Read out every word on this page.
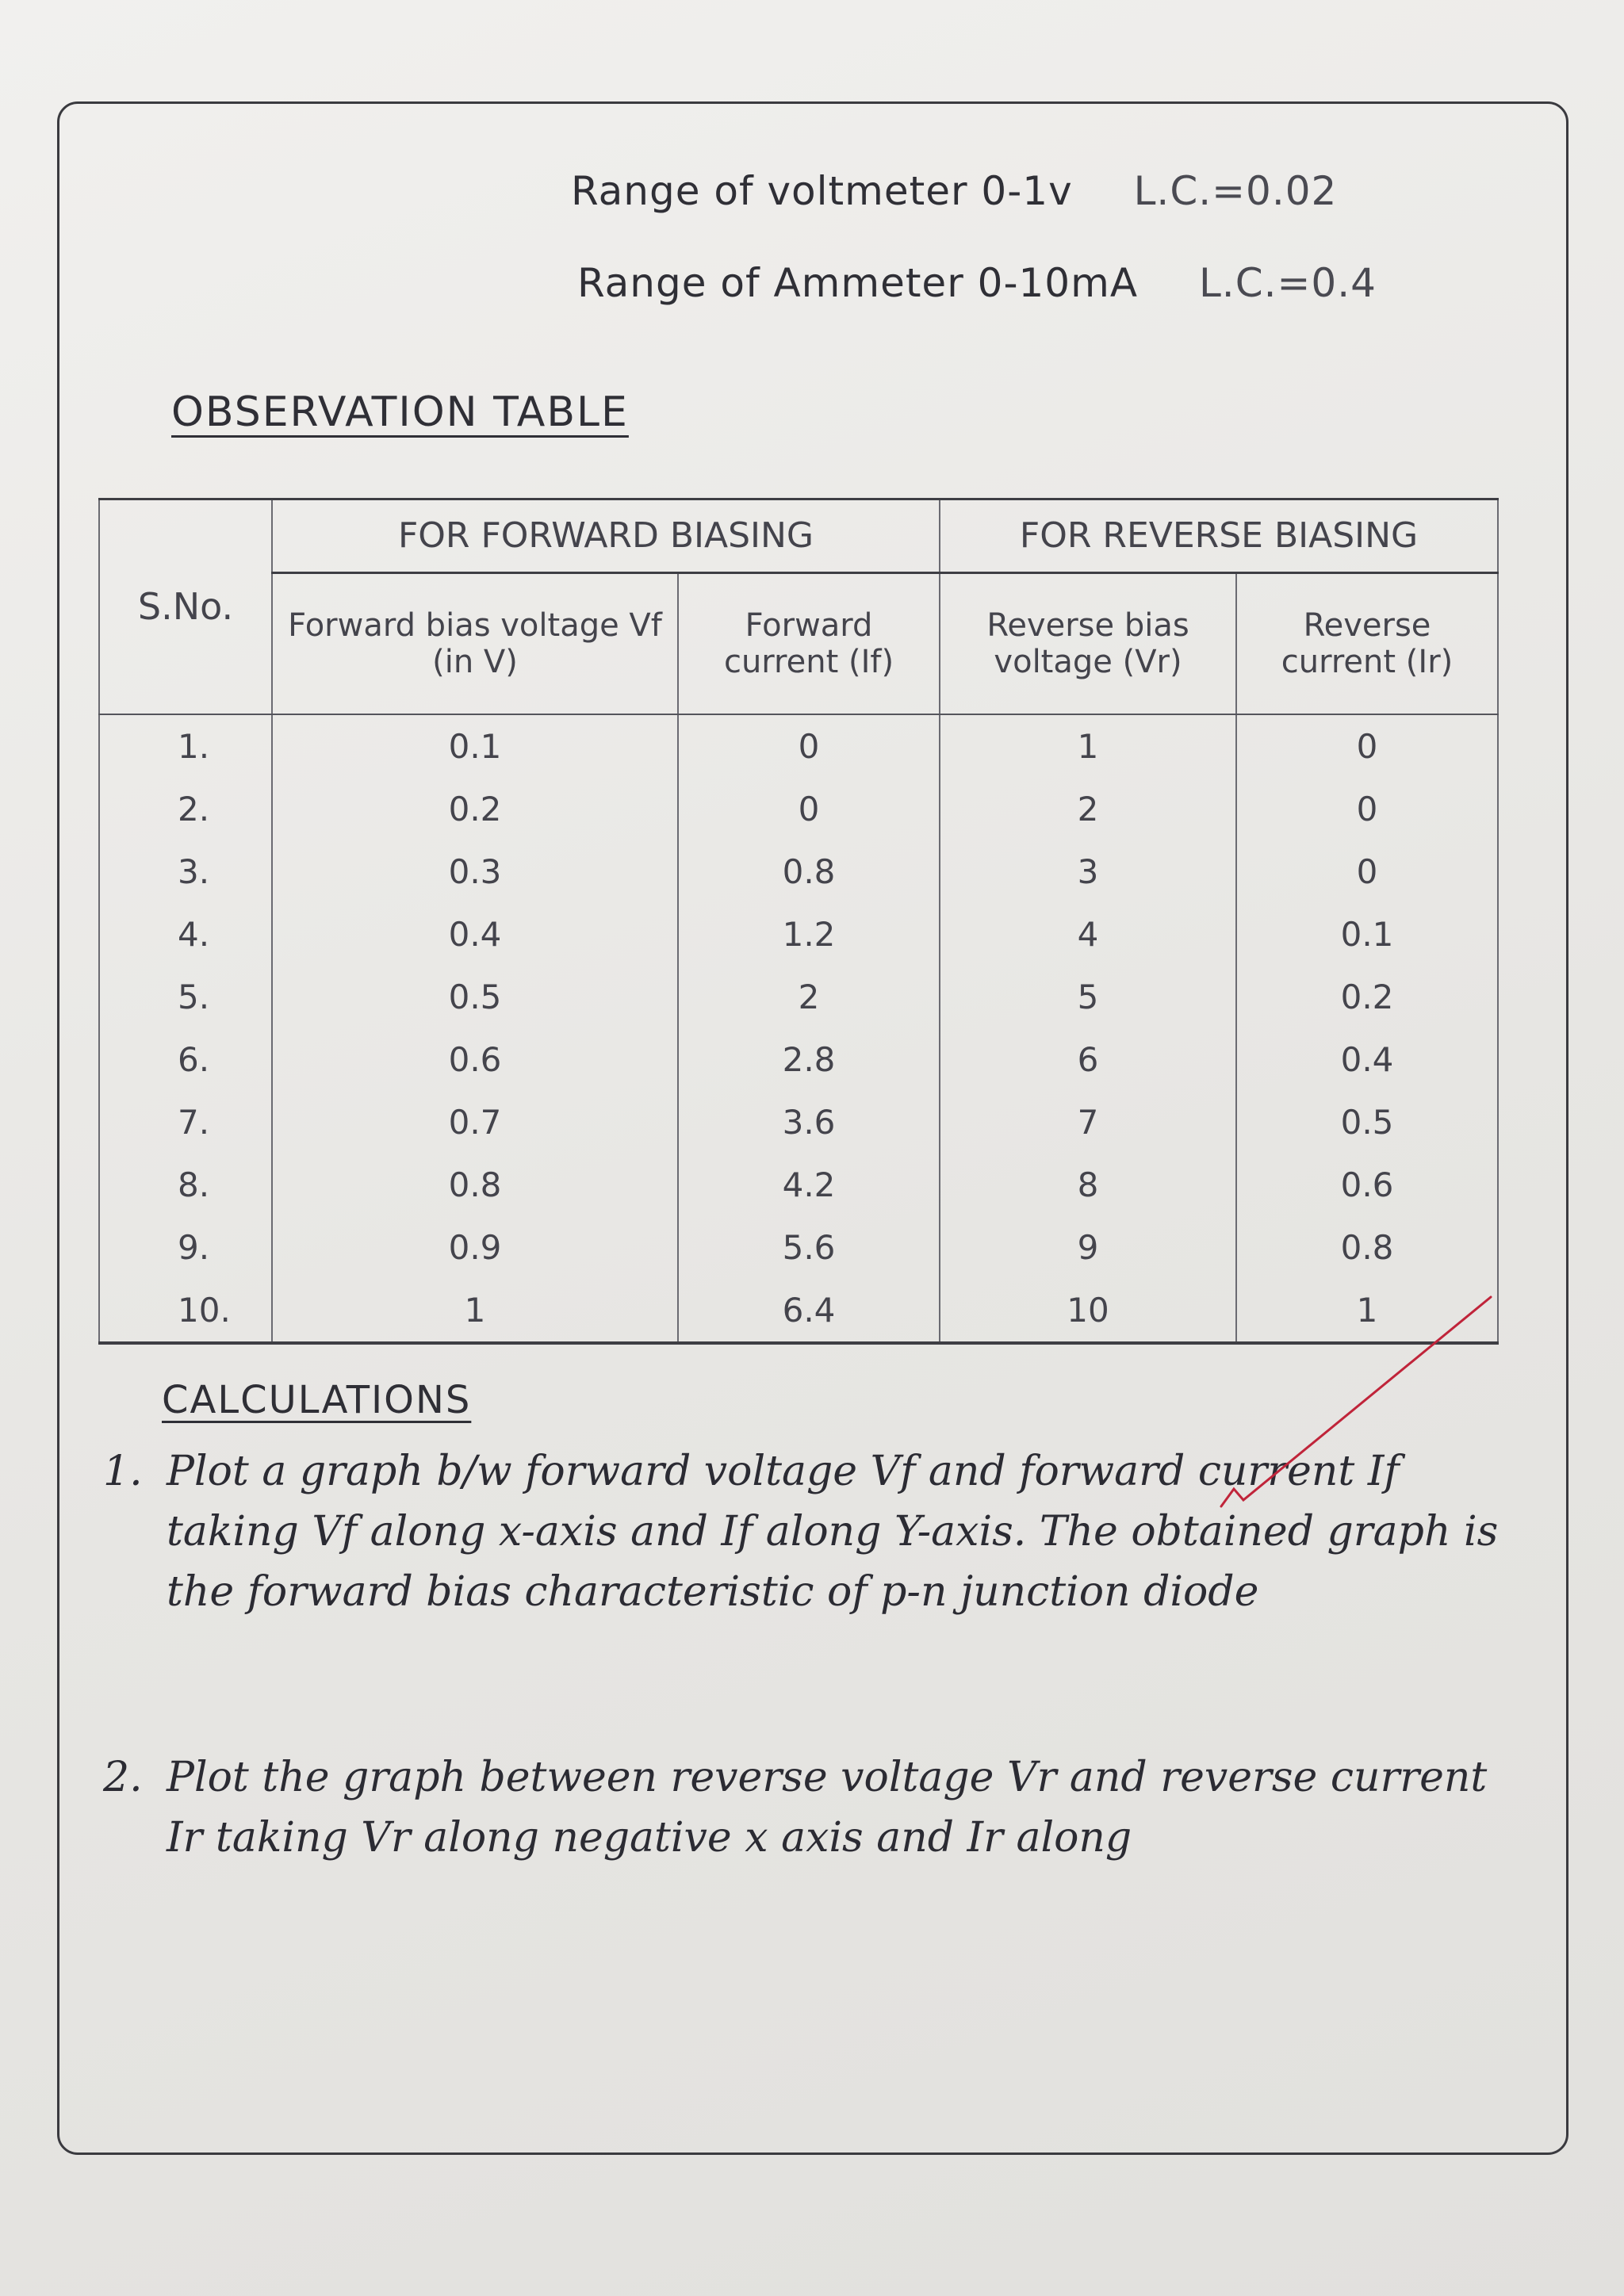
Range of voltmeter 0-1v L.C.=0.02
Range of Ammeter 0-10mA L.C.=0.4
OBSERVATION TABLE
S.No.	FOR FORWARD BIASING		FOR REVERSE BIASING	
	Forward bias voltage Vf (in V)	Forward current (If)	Reverse bias voltage (Vr)	Reverse current (Ir)
1.	0.1	0	1	0
2.	0.2	0	2	0
3.	0.3	0.8	3	0
4.	0.4	1.2	4	0.1
5.	0.5	2	5	0.2
6.	0.6	2.8	6	0.4
7.	0.7	3.6	7	0.5
8.	0.8	4.2	8	0.6
9.	0.9	5.6	9	0.8
10.	1	6.4	10	1
CALCULATIONS
1. Plot a graph b/w forward voltage Vf and forward current If taking Vf along x-axis and If along Y-axis. The obtained graph is the forward bias characteristic of p-n junction diode
2. Plot the graph between reverse voltage Vr and reverse current Ir taking Vr along negative x axis and Ir along
